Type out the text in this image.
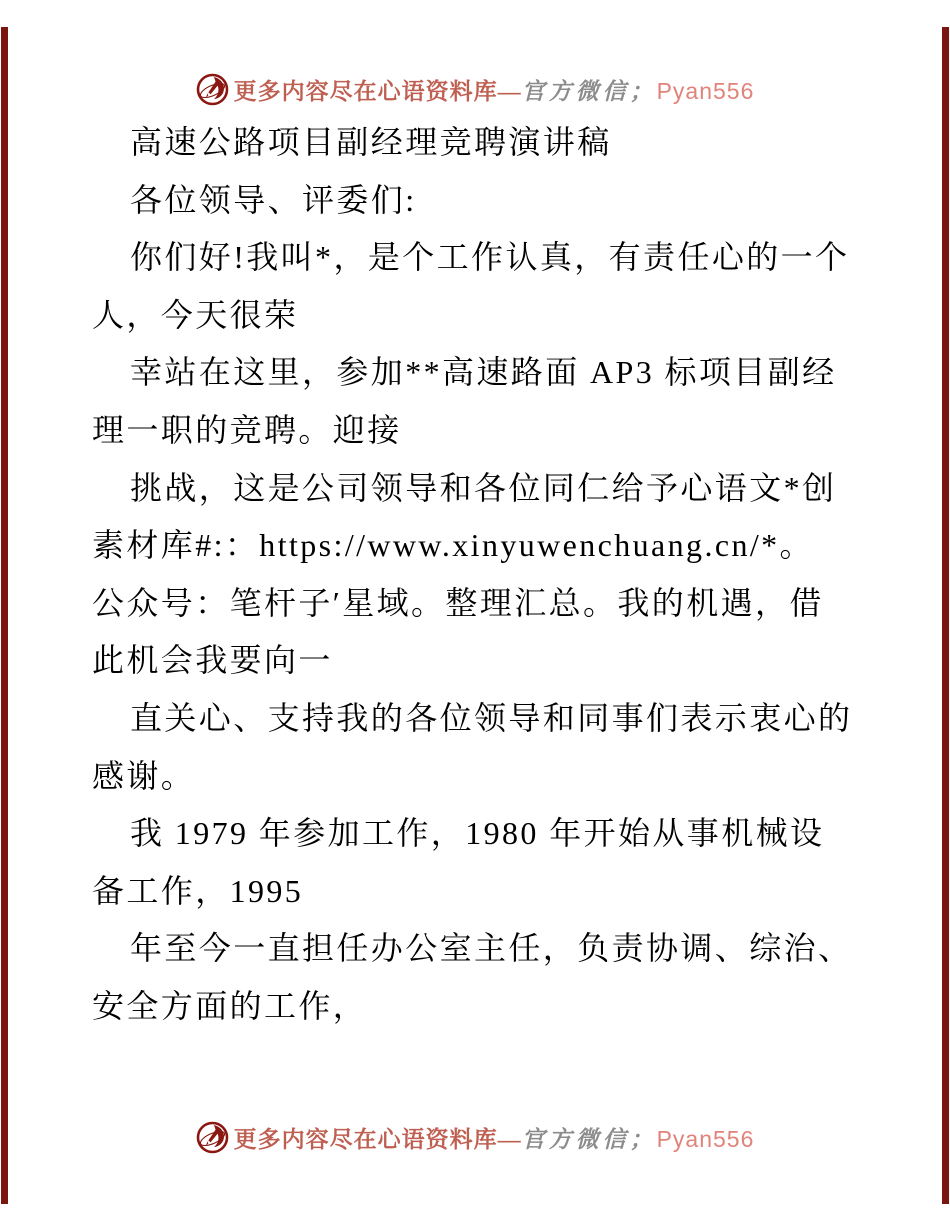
更多内容尽在心语资料库—官方微信；Pyan556
高速公路项目副经理竞聘演讲稿
各位领导、评委们:
你们好!我叫*，是个工作认真，有责任心的一个
人，今天很荣
幸站在这里，参加**高速路面 AP3 标项目副经
理一职的竞聘。迎接
挑战，这是公司领导和各位同仁给予心语文*创
素材库#:：https://www.xinyuwenchuang.cn/*。
公众号：笔杆子′星域。整理汇总。我的机遇，借
此机会我要向一
直关心、支持我的各位领导和同事们表示衷心的
感谢。
我 1979 年参加工作，1980 年开始从事机械设
备工作，1995
年至今一直担任办公室主任，负责协调、综治、
安全方面的工作，
更多内容尽在心语资料库—官方微信；Pyan556
